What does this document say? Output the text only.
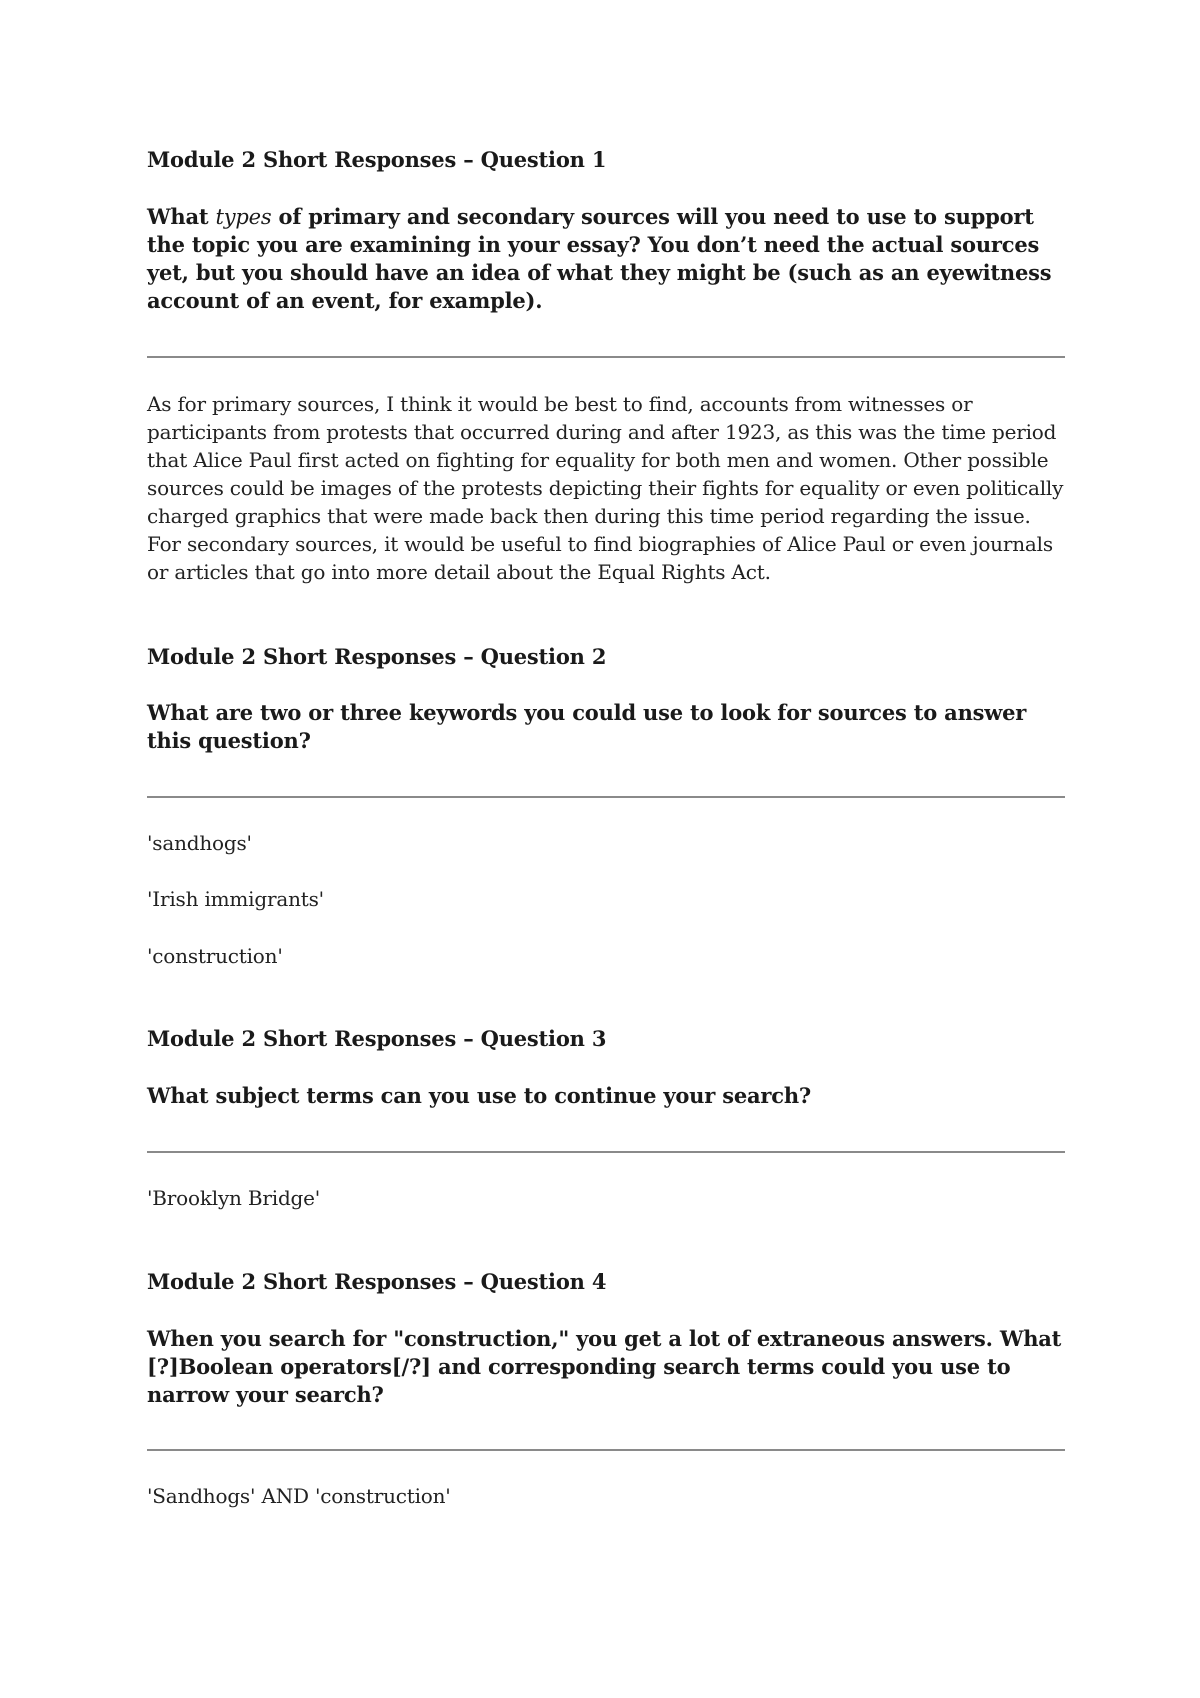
Module 2 Short Responses – Question 1

What types of primary and secondary sources will you need to use to support the topic you are examining in your essay? You don’t need the actual sources yet, but you should have an idea of what they might be (such as an eyewitness account of an event, for example).

As for primary sources, I think it would be best to find, accounts from witnesses or participants from protests that occurred during and after 1923, as this was the time period that Alice Paul first acted on fighting for equality for both men and women. Other possible sources could be images of the protests depicting their fights for equality or even politically charged graphics that were made back then during this time period regarding the issue. For secondary sources, it would be useful to find biographies of Alice Paul or even journals or articles that go into more detail about the Equal Rights Act.

Module 2 Short Responses – Question 2

What are two or three keywords you could use to look for sources to answer this question?

'sandhogs'

'Irish immigrants'

'construction'

Module 2 Short Responses – Question 3

What subject terms can you use to continue your search?

'Brooklyn Bridge'

Module 2 Short Responses – Question 4

When you search for "construction," you get a lot of extraneous answers. What [?]Boolean operators[/?] and corresponding search terms could you use to narrow your search?

'Sandhogs' AND 'construction'
